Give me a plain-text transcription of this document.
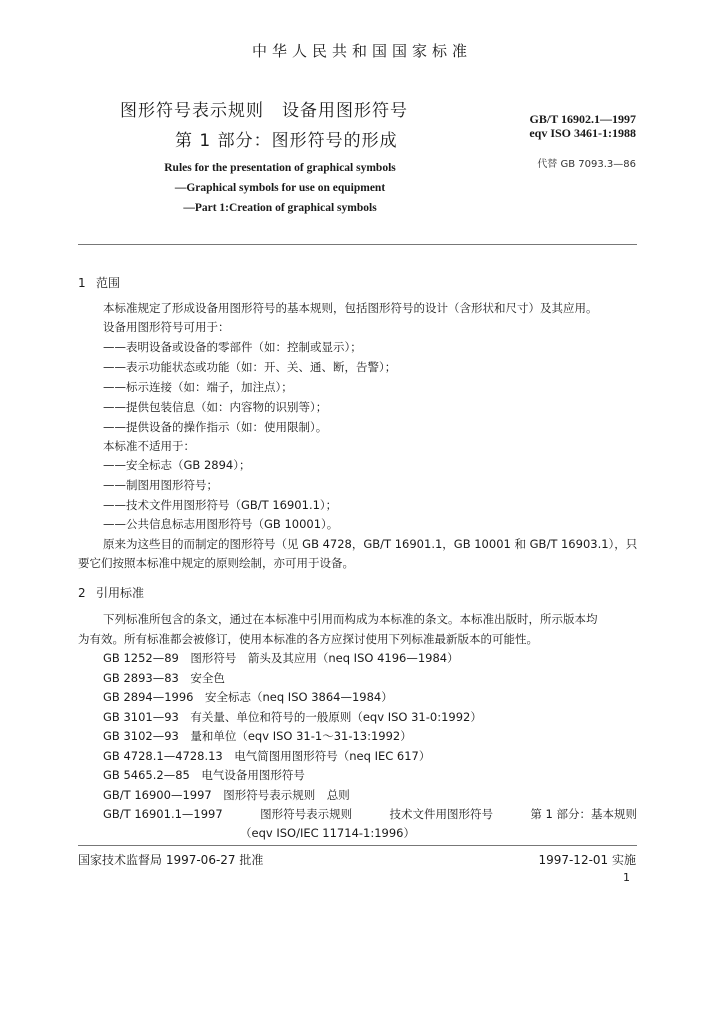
中华人民共和国国家标准
图形符号表示规则　设备用图形符号
第 1 部分：图形符号的形成
GB/T 16902.1—1997
eqv ISO 3461-1:1988
代替 GB 7093.3—86
Rules for the presentation of graphical symbols
—Graphical symbols for use on equipment
—Part 1:Creation of graphical symbols
1 范围
本标准规定了形成设备用图形符号的基本规则，包括图形符号的设计（含形状和尺寸）及其应用。
设备用图形符号可用于：
——表明设备或设备的零部件（如：控制或显示）；
——表示功能状态或功能（如：开、关、通、断，告警）；
——标示连接（如：端子，加注点）；
——提供包装信息（如：内容物的识别等）；
——提供设备的操作指示（如：使用限制）。
本标准不适用于：
——安全标志（GB 2894）；
——制图用图形符号；
——技术文件用图形符号（GB/T 16901.1）；
——公共信息标志用图形符号（GB 10001）。
原来为这些目的而制定的图形符号（见 GB 4728，GB/T 16901.1，GB 10001 和 GB/T 16903.1），只
要它们按照本标准中规定的原则绘制，亦可用于设备。
2 引用标准
下列标准所包含的条文，通过在本标准中引用而构成为本标准的条文。本标准出版时，所示版本均
为有效。所有标准都会被修订，使用本标准的各方应探讨使用下列标准最新版本的可能性。
GB 1252—89　图形符号　箭头及其应用（neq ISO 4196—1984）
GB 2893—83　安全色
GB 2894—1996　安全标志（neq ISO 3864—1984）
GB 3101—93　有关量、单位和符号的一般原则（eqv ISO 31-0:1992）
GB 3102—93　量和单位（eqv ISO 31-1～31-13:1992）
GB 4728.1—4728.13　电气简图用图形符号（neq IEC 617）
GB 5465.2—85　电气设备用图形符号
GB/T 16900—1997　图形符号表示规则　总则
GB/T 16901.1—1997	图形符号表示规则	技术文件用图形符号	第 1 部分：基本规则
（eqv ISO/IEC 11714-1:1996）
国家技术监督局 1997-06-27 批准	1997-12-01 实施
1
